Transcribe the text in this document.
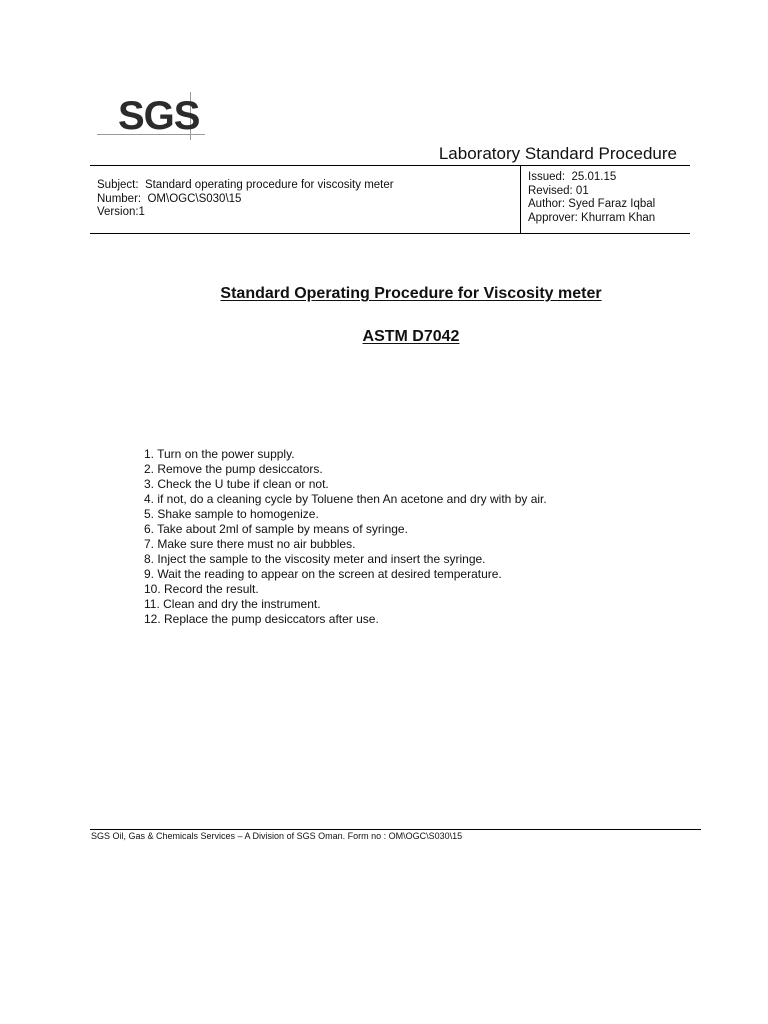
SGS
Laboratory Standard Procedure
Subject:  Standard operating procedure for viscosity meter
Number:  OM\OGC\S030\15
Version:1
Issued:  25.01.15
Revised: 01
Author: Syed Faraz Iqbal
Approver: Khurram Khan
Standard Operating Procedure for Viscosity meter
ASTM D7042
1. Turn on the power supply.
2. Remove the pump desiccators.
3. Check the U tube if clean or not.
4. if not, do a cleaning cycle by Toluene then An acetone and dry with by air.
5. Shake sample to homogenize.
6. Take about 2ml of sample by means of syringe.
7. Make sure there must no air bubbles.
8. Inject the sample to the viscosity meter and insert the syringe.
9. Wait the reading to appear on the screen at desired temperature.
10. Record the result.
11. Clean and dry the instrument.
12. Replace the pump desiccators after use.
SGS Oil, Gas & Chemicals Services – A Division of SGS Oman. Form no : OM\OGC\S030\15
